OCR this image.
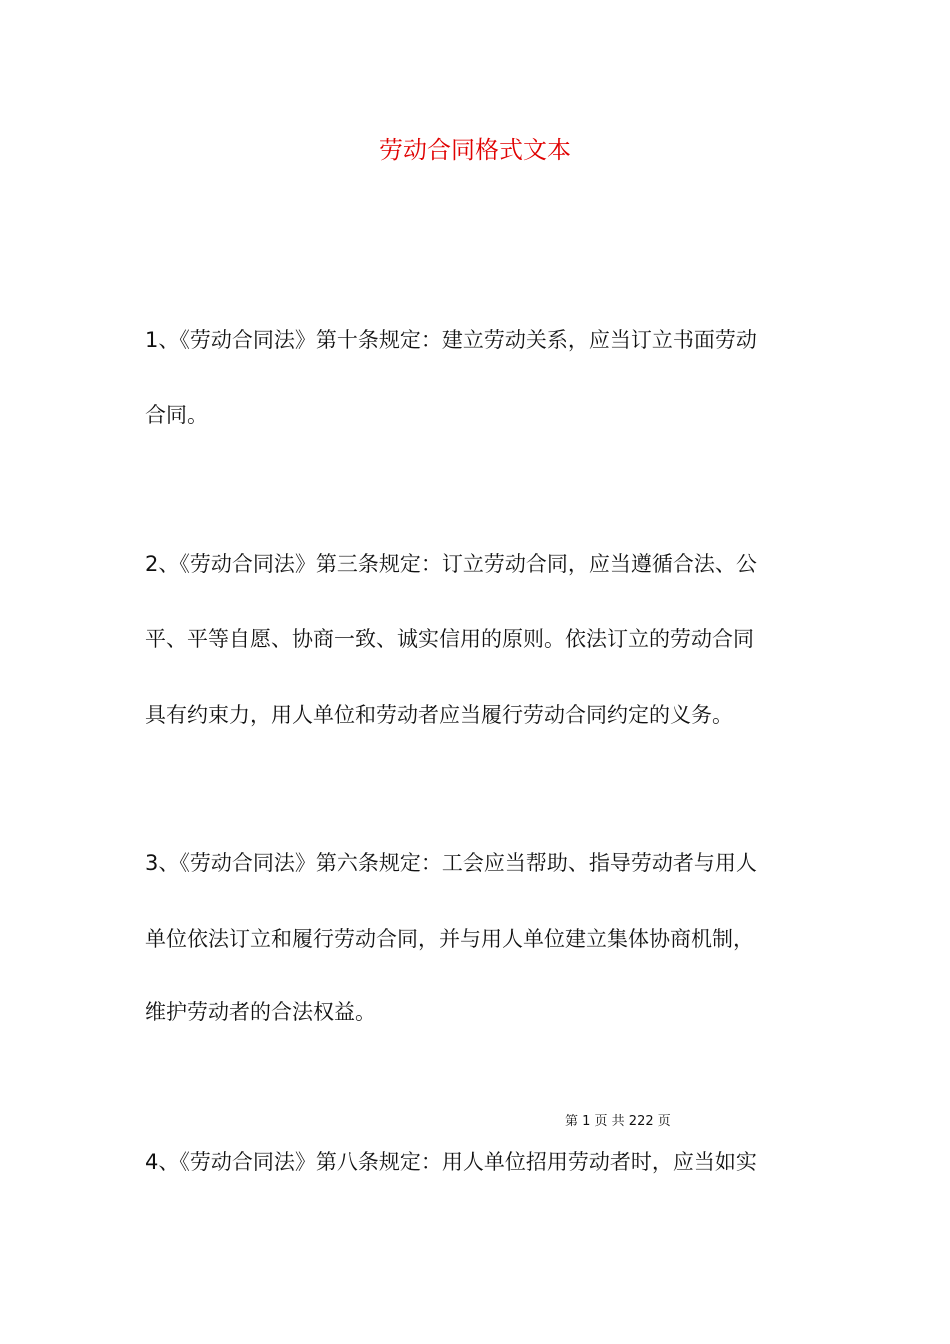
劳动合同格式文本

1、《劳动合同法》第十条规定：建立劳动关系，应当订立书面劳动

合同。

2、《劳动合同法》第三条规定：订立劳动合同，应当遵循合法、公

平、平等自愿、协商一致、诚实信用的原则。依法订立的劳动合同

具有约束力，用人单位和劳动者应当履行劳动合同约定的义务。

3、《劳动合同法》第六条规定：工会应当帮助、指导劳动者与用人

单位依法订立和履行劳动合同，并与用人单位建立集体协商机制，

维护劳动者的合法权益。

第 1 页 共 222 页

4、《劳动合同法》第八条规定：用人单位招用劳动者时，应当如实
